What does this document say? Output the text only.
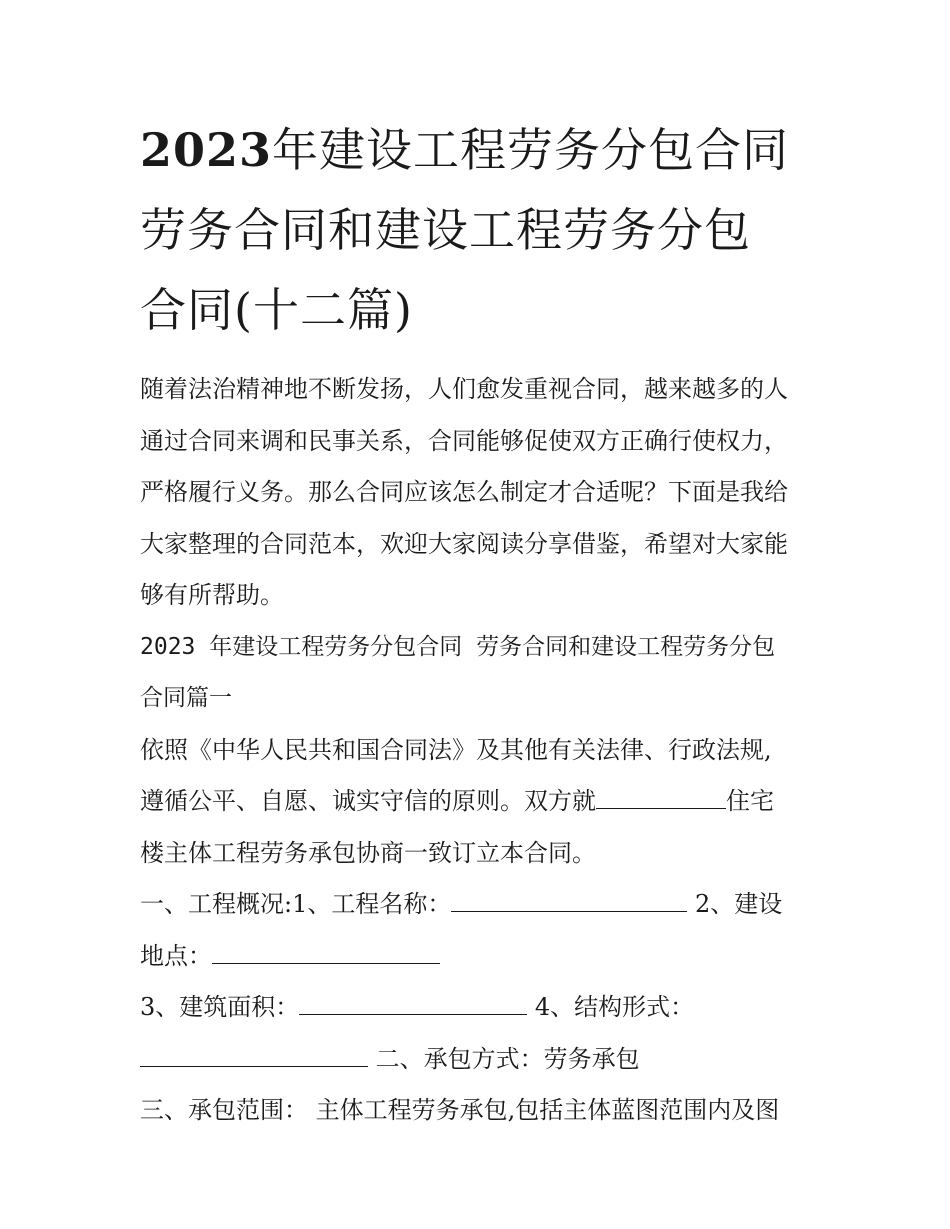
2023年建设工程劳务分包合同
劳务合同和建设工程劳务分包
合同(十二篇)

随着法治精神地不断发扬，人们愈发重视合同，越来越多的人
通过合同来调和民事关系，合同能够促使双方正确行使权力，
严格履行义务。那么合同应该怎么制定才合适呢？下面是我给
大家整理的合同范本，欢迎大家阅读分享借鉴，希望对大家能
够有所帮助。

2023 年建设工程劳务分包合同 劳务合同和建设工程劳务分包
合同篇一

依照《中华人民共和国合同法》及其他有关法律、行政法规,
遵循公平、自愿、诚实守信的原则。双方就	住宅
楼主体工程劳务承包协商一致订立本合同。

一、工程概况:1、工程名称：	2、建设
地点：

3、建筑面积：	4、结构形式：
二、承包方式：劳务承包

三、承包范围： 主体工程劳务承包,包括主体蓝图范围内及图
